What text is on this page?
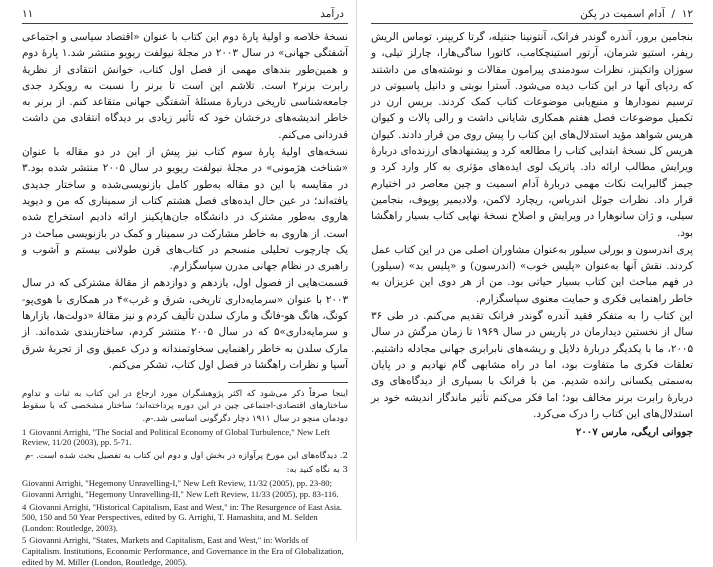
درآمد
۱۱

نسخهٔ خلاصه و اولیهٔ پارهٔ دوم این کتاب با عنوان «اقتصاد سیاسی و اجتماعی آشفتگی جهانی» در سال ۲۰۰۳ در مجلهٔ نیولفت ریویو منتشر شد.۱ پارهٔ دوم و همین‌طور بندهای مهمی از فصل اول کتاب، خوانش انتقادی از نظریهٔ رابرت برنر۲ است. تلاشم این است تا برنر را نسبت به رویکرد جدی جامعه‌شناسی تاریخی دربارهٔ مسئلهٔ آشفتگی جهانی متقاعد کنم. از برنر به خاطر اندیشه‌های درخشان خود که تأثیر زیادی بر دیدگاه انتقادی من داشت قدردانی می‌کنم.

نسخه‌های اولیهٔ پارهٔ سوم کتاب نیز پیش از این در دو مقاله با عنوان «شناخت هژمونی» در مجلهٔ نیولفت ریویو در سال ۲۰۰۵ منتشر شده بود.۳ در مقایسه با این دو مقاله به‌طور کامل بازنویسی‌شده و ساختار جدیدی یافته‌اند؛ در عین حال ایده‌های فصل هشتم کتاب از سمیناری که من و دیوید هاروی به‌طور مشترک در دانشگاه جان‌هاپکینز ارائه دادیم استخراج شده است. از هاروی به خاطر مشارکت در سمینار و کمک در بازنویسی مباحث در یک چارچوب تحلیلی منسجم در کتاب‌های قرن طولانی بیستم و آشوب و راهبری در نظام جهانی مدرن سپاسگزارم.

قسمت‌هایی از فصول اول، یازدهم و دوازدهم از مقالهٔ مشترکی که در سال ۲۰۰۳ با عنوان «سرمایه‌داری تاریخی، شرق و غرب»۴ در همکاری با هوی‌پو-کونگ، هانگ هو-فانگ و مارک سلدن تألیف کردم و نیز مقالهٔ «دولت‌ها، بازارها و سرمایه‌داری»۵ که در سال ۲۰۰۵ منتشر کردم، ساختاربندی شده‌اند. از مارک سلدن به خاطر راهنمایی سخاوتمندانه و درک عمیق وی از تجربهٔ شرق آسیا و نظرات راهگشا در فصل اول کتاب، تشکر می‌کنم.

اینجا صرفاً ذکر می‌شود که اکثر پژوهشگران مورد ارجاع در این کتاب به ثبات و تداوم ساختارهای اقتصادی-اجتماعی چین در این دوره پرداخته‌اند؛ ساختار مشخصی که با سقوط دودمان منچو در سال ۱۹۱۱ دچار دگرگونی اساسی شد.-م.

1 Giovanni Arrighi, "The Social and Political Economy of Global Turbulence," New Left Review, 11/20 (2003), pp. 5-71.

2. دیدگاه‌های این مورخ پرآوازه در بخش اول و دوم این کتاب به تفصیل بحث شده است. -م

3 به نگاه کنید به:

Giovanni Arrighi, "Hegemony Unravelling-I," New Left Review, 11/32 (2005), pp. 23-80; Giovanni Arrighi, "Hegemony Unravelling-II," New Left Review, 11/33 (2005), pp. 83-116.

4 Giovanni Arrighi, "Historical Capitalism, East and West," in: The Resurgence of East Asia. 500, 150 and 50 Year Perspectives, edited by G. Arrighi, T. Hamashita, and M. Selden (London: Routledge, 2003).

5 Giovanni Arrighi, "States, Markets and Capitalism, East and West," in: Worlds of Capitalism. Institutions, Economic Performance, and Governance in the Era of Globalization, edited by M. Miller (London, Routledge, 2005).

۱۲  /  آدام اسمیت در پکن

بنجامین برور، آندره گوندر فرانک، آنتونینا جنتیله، گرتا کریپنر، توماس الریش ریفر، استیو شرمان، آرتور استینچکامب، کاتورا ساگی‌هارا، چارلز تیلی، و سوزان واتکینز، نظرات سودمندی پیرامون مقالات و نوشته‌های من داشتند که ردپای آنها در این کتاب دیده می‌شود. آسترا بوبتی و دانیل پاسیوتی در ترسیم نمودارها و منبع‌یابی موضوعات کتاب کمک کردند. بریس ارن در تکمیل موضوعات فصل هفتم همکاری شایانی داشت و رالی پالات و کیوان هریس شواهد مؤید استدلال‌های این کتاب را پیش روی من قرار دادند. کیوان هریس کل نسخهٔ ابتدایی کتاب را مطالعه کرد و پیشنهادهای ارزنده‌ای دربارهٔ ویرایش مطالب ارائه داد. پاتریک لوی ایده‌های مؤثری به کار وارد کرد و جیمز گالبرایت نکات مهمی دربارهٔ آدام اسمیت و چین معاصر در اختیارم قرار داد. نظرات جوئل اندریاس، ریچارد لاکمن، ولادیمیر پوپوف، بنجامین سیلی، و ژان سانوهارا در ویرایش و اصلاح نسخهٔ نهایی کتاب بسیار راهگشا بود.

پری اندرسون و بورلی سیلور به‌عنوان مشاوران اصلی من در این کتاب عمل کردند. نقش آنها به‌عنوان «پلیس خوب» (اندرسون) و «پلیس بد» (سیلور) در فهم مباحث این کتاب بسیار حیاتی بود. من از هر دوی این عزیزان به خاطر راهنمایی فکری و حمایت معنوی سپاسگزارم.

این کتاب را به متفکر فقید آندره گوندر فرانک تقدیم می‌کنم. در طی ۳۶ سال از نخستین دیدارمان در پاریس در سال ۱۹۶۹ تا زمان مرگش در سال ۲۰۰۵، ما با یکدیگر دربارهٔ دلایل و ریشه‌های نابرابری جهانی مجادله داشتیم. تعلقات فکری ما متفاوت بود، اما در راه مشابهی گام نهادیم و در پایان به‌سمتی یکسانی رانده شدیم. من با فرانک با بسیاری از دیدگاه‌های وی دربارهٔ رابرت برنر مخالف بود؛ اما فکر می‌کنم تأثیر ماندگار اندیشه خود بر استدلال‌های این کتاب را درک می‌کرد.

جووانی اریگی، مارس ۲۰۰۷
